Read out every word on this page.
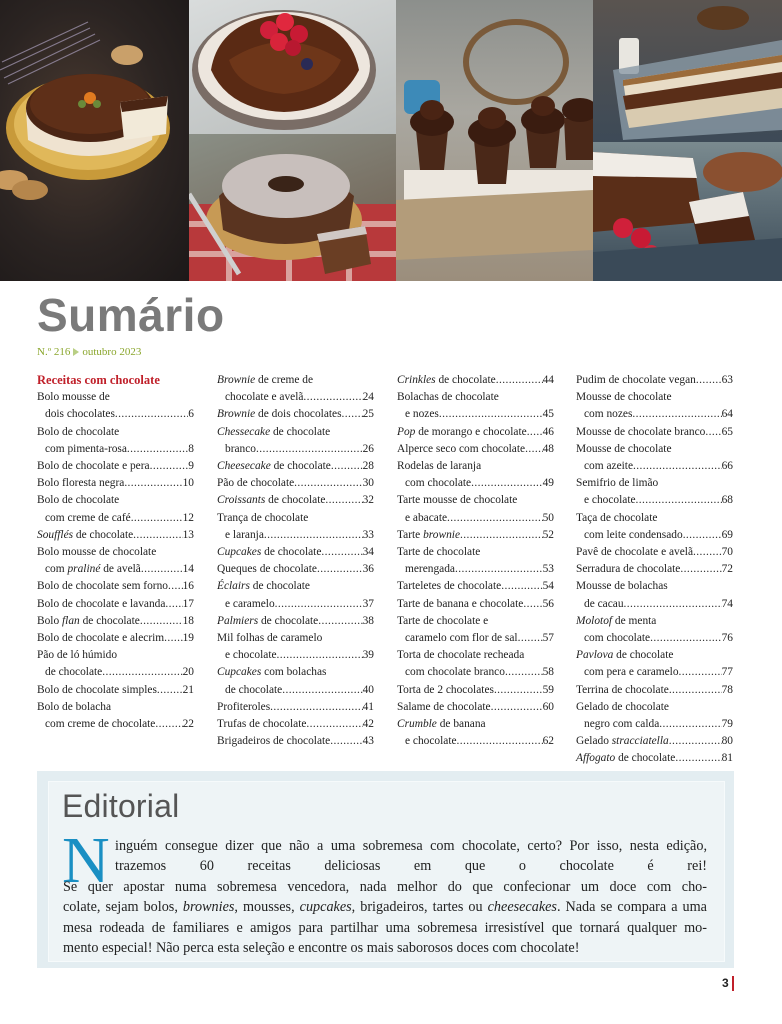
Sumário
N.º 216 outubro 2023
Receitas com chocolate
Bolo mousse de
dois chocolates .....	6
Bolo de chocolate
com pimenta-rosa .....	8
Bolo de chocolate e pera .....	9
Bolo floresta negra .....	10
Bolo de chocolate
com creme de café .....	12
Soufflés de chocolate .....	13
Bolo mousse de chocolate
com praliné de avelã .....	14
Bolo de chocolate sem forno ..... 16
Bolo de chocolate e lavanda ..... 17
Bolo flan de chocolate .....	18
Bolo de chocolate e alecrim ..... 19
Pão de ló húmido
de chocolate .....	20
Bolo de chocolate simples ..... 21
Bolo de bolacha
com creme de chocolate ..... 22
Brownie de creme de
chocolate e avelã .....	24
Brownie de dois chocolates ..... 25
Chessecake de chocolate
branco .....	26
Cheesecake de chocolate .....	28
Pão de chocolate .....	30
Croissants de chocolate .....	32
Trança de chocolate
e laranja .....	33
Cupcakes de chocolate .....	34
Queques de chocolate .....	36
Éclairs de chocolate
e caramelo .....	37
Palmiers de chocolate .....	38
Mil folhas de caramelo
e chocolate .....	39
Cupcakes com bolachas
de chocolate .....	40
Profiteroles .....	41
Trufas de chocolate .....	42
Brigadeiros de chocolate .....	43
Crinkles de chocolate .....	44
Bolachas de chocolate
e nozes .....	45
Pop de morango e chocolate ..... 46
Alperce seco com chocolate ..... 48
Rodelas de laranja
com chocolate .....	49
Tarte mousse de chocolate
e abacate .....	50
Tarte brownie .....	52
Tarte de chocolate
merengada .....	53
Tarteletes de chocolate .....	54
Tarte de banana e chocolate ..... 56
Tarte de chocolate e
caramelo com flor de sal ..... 57
Torta de chocolate recheada
com chocolate branco .....	58
Torta de 2 chocolates .....	59
Salame de chocolate .....	60
Crumble de banana
e chocolate .....	62
Pudim de chocolate vegan ..... 63
Mousse de chocolate
com nozes .....	64
Mousse de chocolate branco ..... 65
Mousse de chocolate
com azeite .....	66
Semifrio de limão
e chocolate .....	68
Taça de chocolate
com leite condensado .....	69
Pavê de chocolate e avelã .....	70
Serradura de chocolate .....	72
Mousse de bolachas
de cacau .....	74
Molotof de menta
com chocolate .....	76
Pavlova de chocolate
com pera e caramelo .....	77
Terrina de chocolate .....	78
Gelado de chocolate
negro com calda .....	79
Gelado stracciatella .....	80
Affogato de chocolate .....	81
Editorial
N inguém consegue dizer que não a uma sobremesa com chocolate, certo? Por isso, nesta edição,
trazemos 60 receitas deliciosas em que o chocolate é rei!
Se quer apostar numa sobremesa vencedora, nada melhor do que confecionar um doce com cho-
colate, sejam bolos, brownies, mousses, cupcakes, brigadeiros, tartes ou cheesecakes. Nada se compara a uma
mesa rodeada de familiares e amigos para partilhar uma sobremesa irresistível que tornará qualquer mo-
mento especial! Não perca esta seleção e encontre os mais saborosos doces com chocolate!
3
